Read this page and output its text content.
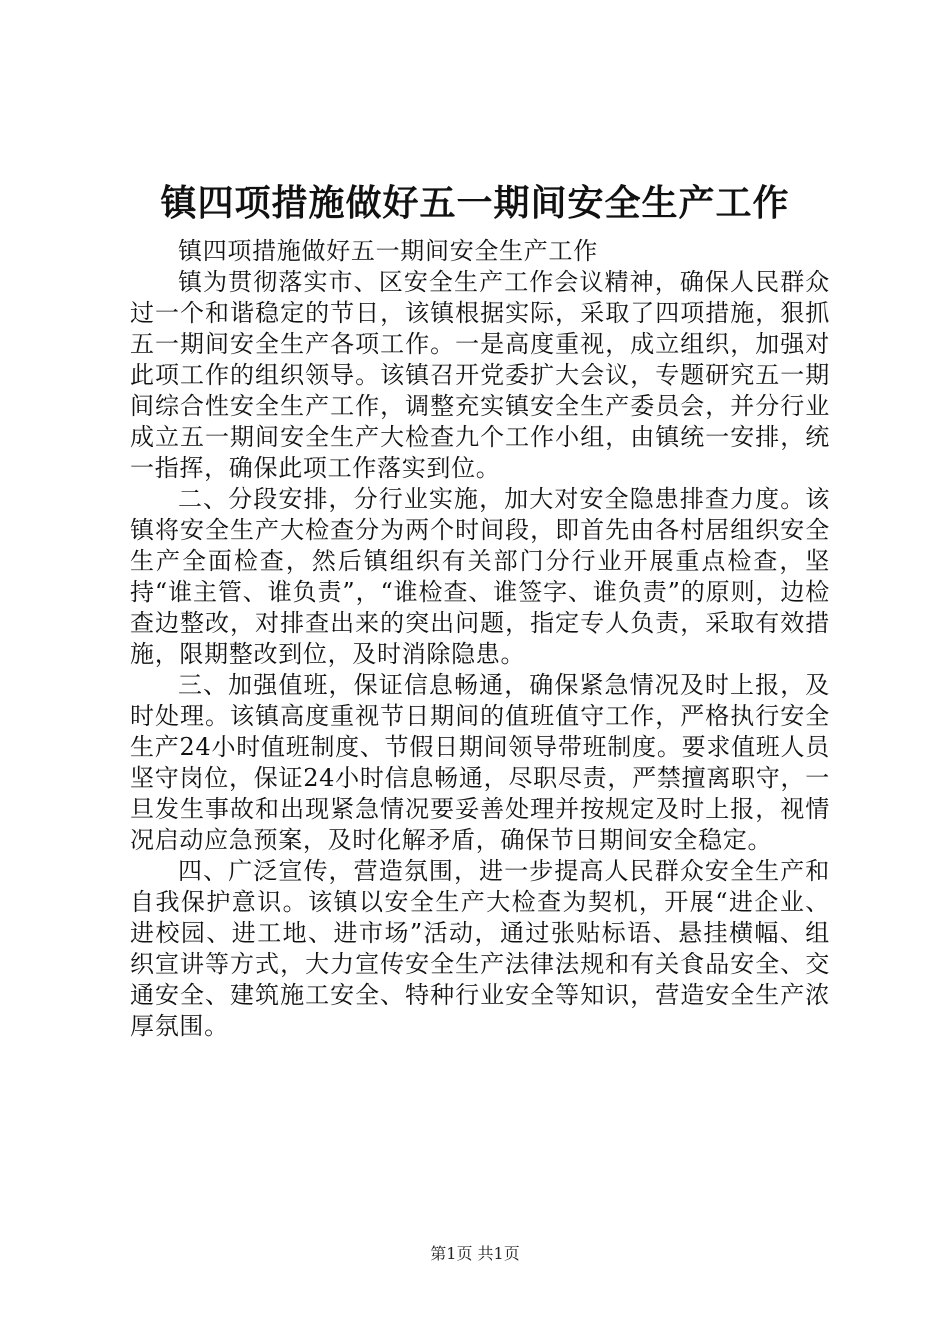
镇四项措施做好五一期间安全生产工作

镇四项措施做好五一期间安全生产工作

镇为贯彻落实市、区安全生产工作会议精神，确保人民群众过一个和谐稳定的节日，该镇根据实际，采取了四项措施，狠抓五一期间安全生产各项工作。一是高度重视，成立组织，加强对此项工作的组织领导。该镇召开党委扩大会议，专题研究五一期间综合性安全生产工作，调整充实镇安全生产委员会，并分行业成立五一期间安全生产大检查九个工作小组，由镇统一安排，统一指挥，确保此项工作落实到位。

二、分段安排，分行业实施，加大对安全隐患排查力度。该镇将安全生产大检查分为两个时间段，即首先由各村居组织安全生产全面检查，然后镇组织有关部门分行业开展重点检查，坚持“谁主管、谁负责”，“谁检查、谁签字、谁负责”的原则，边检查边整改，对排查出来的突出问题，指定专人负责，采取有效措施，限期整改到位，及时消除隐患。

三、加强值班，保证信息畅通，确保紧急情况及时上报，及时处理。该镇高度重视节日期间的值班值守工作，严格执行安全生产24小时值班制度、节假日期间领导带班制度。要求值班人员坚守岗位，保证24小时信息畅通，尽职尽责，严禁擅离职守，一旦发生事故和出现紧急情况要妥善处理并按规定及时上报，视情况启动应急预案，及时化解矛盾，确保节日期间安全稳定。

四、广泛宣传，营造氛围，进一步提高人民群众安全生产和自我保护意识。该镇以安全生产大检查为契机，开展“进企业、进校园、进工地、进市场”活动，通过张贴标语、悬挂横幅、组织宣讲等方式，大力宣传安全生产法律法规和有关食品安全、交通安全、建筑施工安全、特种行业安全等知识，营造安全生产浓厚氛围。

第1页 共1页
